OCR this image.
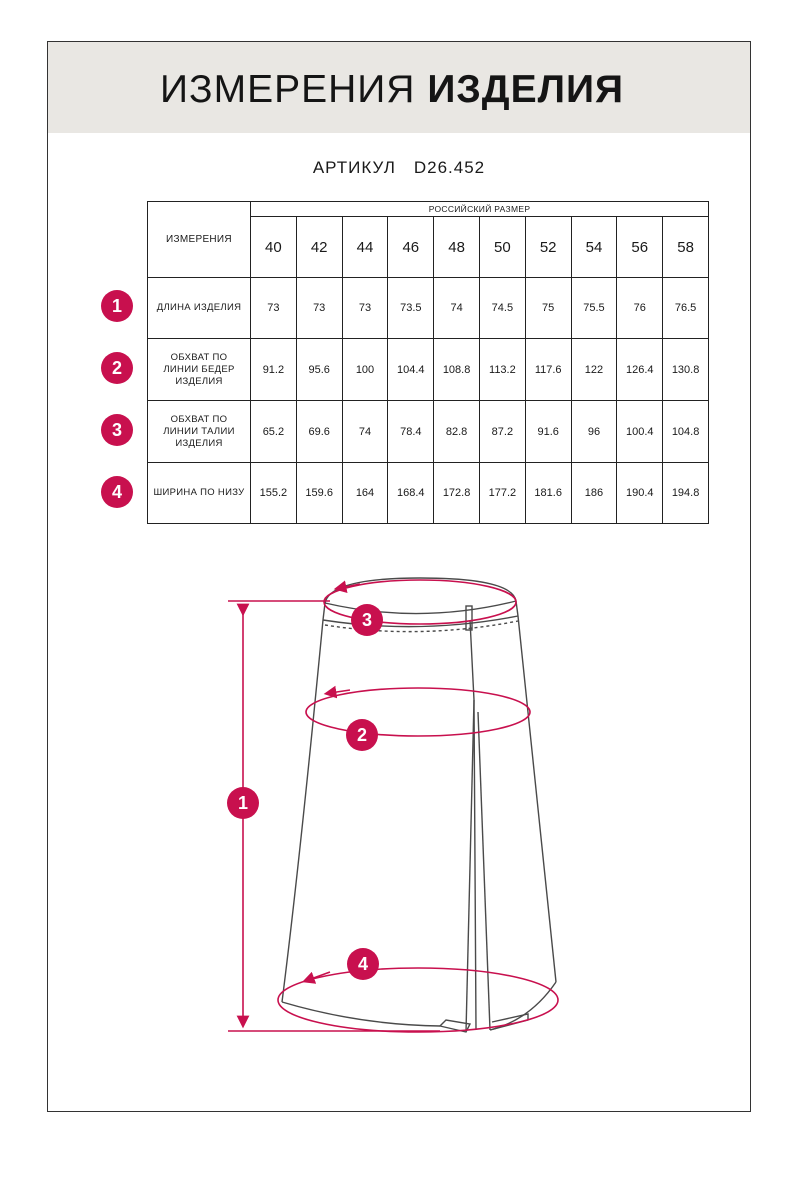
ИЗМЕРЕНИЯ ИЗДЕЛИЯ
АРТИКУЛ D26.452
ИЗМЕРЕНИЯ	РОССИЙСКИЙ РАЗМЕР									
	40	42	44	46	48	50	52	54	56	58
ДЛИНА ИЗДЕЛИЯ	73	73	73	73.5	74	74.5	75	75.5	76	76.5
ОБХВАТ ПО ЛИНИИ БЕДЕР ИЗДЕЛИЯ	91.2	95.6	100	104.4	108.8	113.2	117.6	122	126.4	130.8
ОБХВАТ ПО ЛИНИИ ТАЛИИ ИЗДЕЛИЯ	65.2	69.6	74	78.4	82.8	87.2	91.6	96	100.4	104.8
ШИРИНА ПО НИЗУ	155.2	159.6	164	168.4	172.8	177.2	181.6	186	190.4	194.8
1
2
3
4
1
2
3
4
